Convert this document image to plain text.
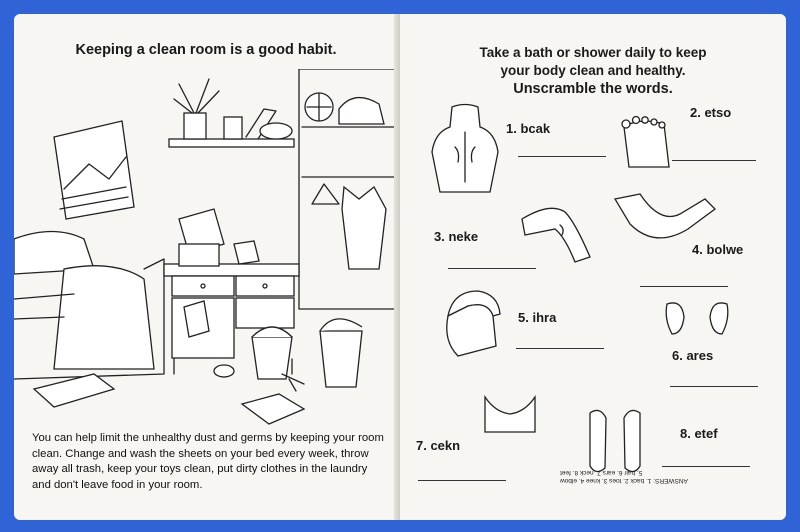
Keeping a clean room is a good habit.
You can help limit the unhealthy dust and germs by keeping your room clean. Change and wash the sheets on your bed every week, throw away all trash, keep your toys clean, put dirty clothes in the laundry and don't leave food in your room.
Take a bath or shower daily to keep
your body clean and healthy.
Unscramble the words.
1. bcak
2. etso
3. neke
4. bolwe
5. ihra
6. ares
7. cekn
8. etef
ANSWERS: 1. back 2. toes 3. knee 4. elbow
5. hair 6. ears 7. neck 8. feet
